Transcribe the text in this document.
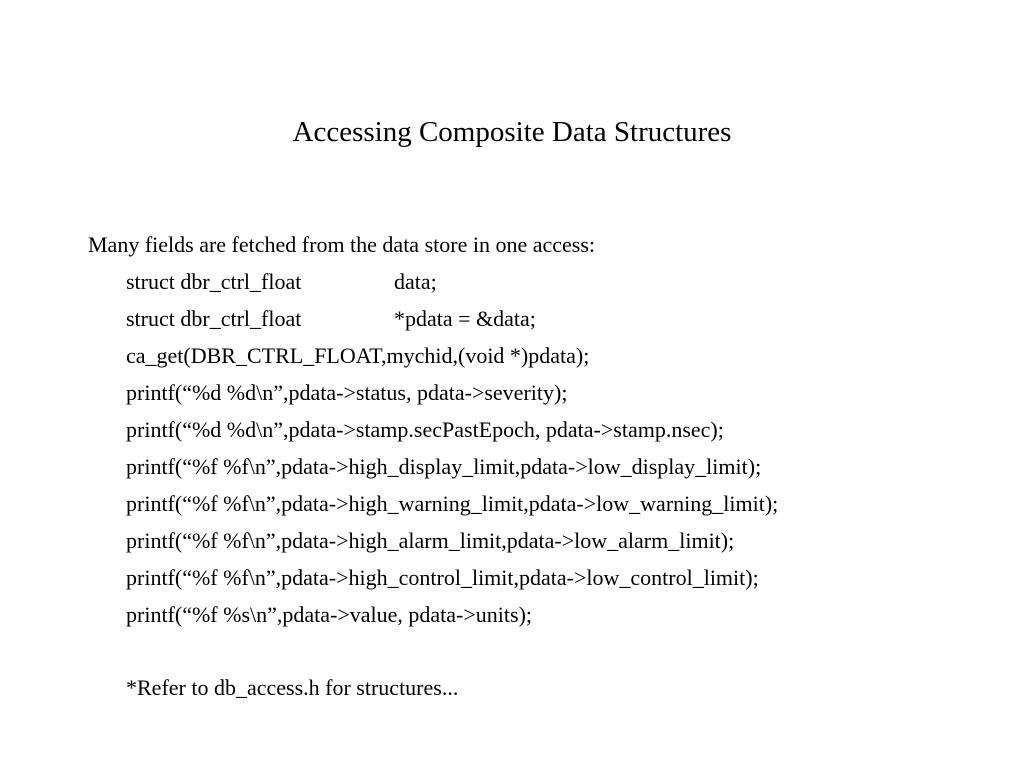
Accessing Composite Data Structures
Many fields are fetched from the data store in one access:
struct dbr_ctrl_float	data;
struct dbr_ctrl_float	*pdata = &data;
ca_get(DBR_CTRL_FLOAT,mychid,(void *)pdata);
printf(“%d %d\n”,pdata->status, pdata->severity);
printf(“%d %d\n”,pdata->stamp.secPastEpoch, pdata->stamp.nsec);
printf(“%f %f\n”,pdata->high_display_limit,pdata->low_display_limit);
printf(“%f %f\n”,pdata->high_warning_limit,pdata->low_warning_limit);
printf(“%f %f\n”,pdata->high_alarm_limit,pdata->low_alarm_limit);
printf(“%f %f\n”,pdata->high_control_limit,pdata->low_control_limit);
printf(“%f %s\n”,pdata->value, pdata->units);
*Refer to db_access.h for structures...
